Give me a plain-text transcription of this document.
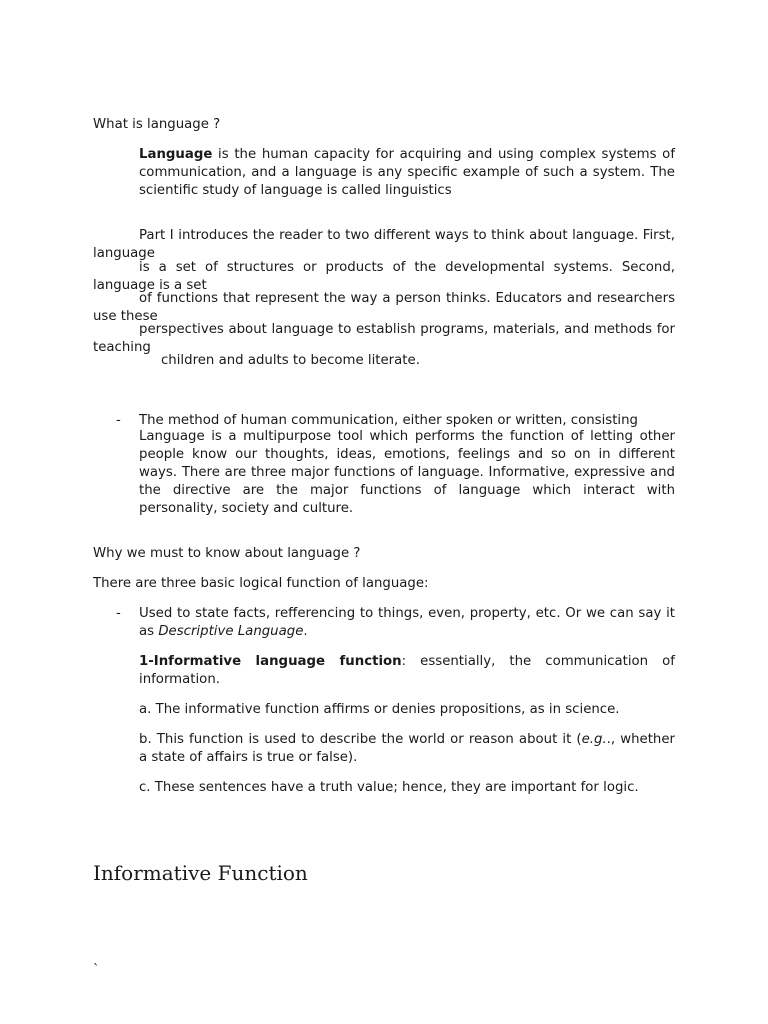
What is language ?

Language is the human capacity for acquiring and using complex systems of communication, and a language is any specific example of such a system. The scientific study of language is called linguistics

Part I introduces the reader to two different ways to think about language. First, language

is a set of structures or products of the developmental systems. Second, language is a set

of functions that represent the way a person thinks. Educators and researchers use these

perspectives about language to establish programs, materials, and methods for teaching

children and adults to become literate.

- The method of human communication, either spoken or written, consisting

Language is a multipurpose tool which performs the function of letting other people know our thoughts, ideas, emotions, feelings and so on in different ways. There are three major functions of language. Informative, expressive and the directive are the major functions of language which interact with personality, society and culture.

Why we must to know about language ?

There are three basic logical function of language:

- Used to state facts, refferencing to things, even, property, etc. Or we can say it as Descriptive Language.

1-Informative language function: essentially, the communication of information.

a. The informative function affirms or denies propositions, as in science.

b. This function is used to describe the world or reason about it (e.g.., whether a state of affairs is true or false).

c. These sentences have a truth value; hence, they are important for logic.

Informative Function

`
